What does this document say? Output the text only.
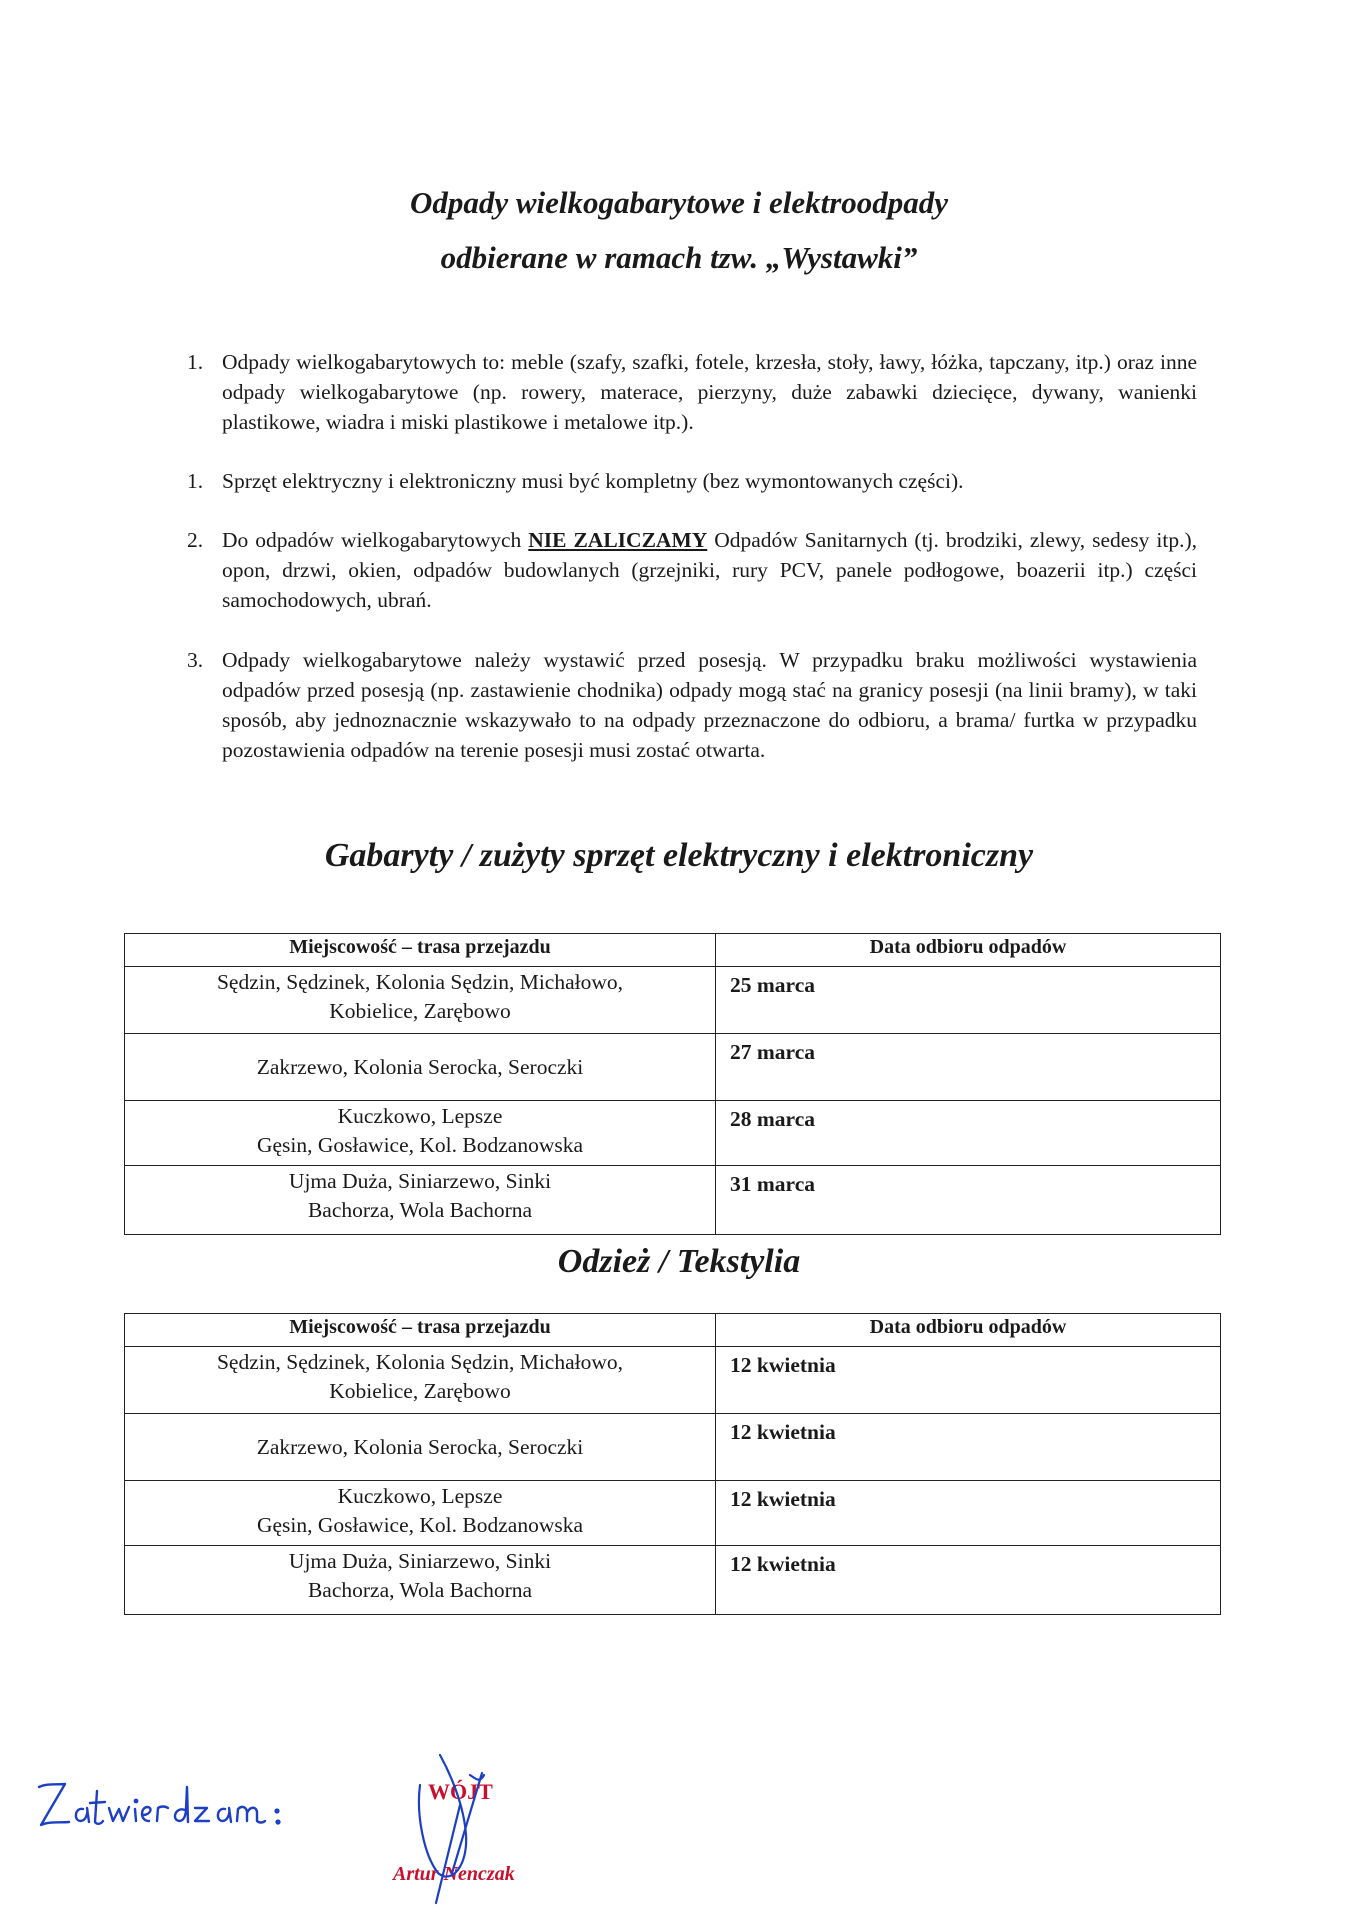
Odpady wielkogabarytowe i elektroodpady
odbierane w ramach tzw. „Wystawki”
1. Odpady wielkogabarytowych to: meble (szafy, szafki, fotele, krzesła, stoły, ławy, łóżka, tapczany, itp.) oraz inne odpady wielkogabarytowe (np. rowery, materace, pierzyny, duże zabawki dziecięce, dywany, wanienki plastikowe, wiadra i miski plastikowe i metalowe itp.).
1. Sprzęt elektryczny i elektroniczny musi być kompletny (bez wymontowanych części).
2. Do odpadów wielkogabarytowych NIE ZALICZAMY Odpadów Sanitarnych (tj. brodziki, zlewy, sedesy itp.), opon, drzwi, okien, odpadów budowlanych (grzejniki, rury PCV, panele podłogowe, boazerii itp.) części samochodowych, ubrań.
3. Odpady wielkogabarytowe należy wystawić przed posesją. W przypadku braku możliwości wystawienia odpadów przed posesją (np. zastawienie chodnika) odpady mogą stać na granicy posesji (na linii bramy), w taki sposób, aby jednoznacznie wskazywało to na odpady przeznaczone do odbioru, a brama/ furtka w przypadku pozostawienia odpadów na terenie posesji musi zostać otwarta.
Gabaryty / zużyty sprzęt elektryczny i elektroniczny
Miejscowość – trasa przejazdu	Data odbioru odpadów

Sędzin, Sędzinek, Kolonia Sędzin, Michałowo,
Kobielice, Zarębowo	25 marca

Zakrzewo, Kolonia Serocka, Seroczki	27 marca

Kuczkowo, Lepsze
Gęsin, Gosławice, Kol. Bodzanowska	28 marca

Ujma Duża, Siniarzewo, Sinki
Bachorza, Wola Bachorna	31 marca
Odzież / Tekstylia
Miejscowość – trasa przejazdu	Data odbioru odpadów

Sędzin, Sędzinek, Kolonia Sędzin, Michałowo,
Kobielice, Zarębowo	12 kwietnia

Zakrzewo, Kolonia Serocka, Seroczki	12 kwietnia

Kuczkowo, Lepsze
Gęsin, Gosławice, Kol. Bodzanowska	12 kwietnia

Ujma Duża, Siniarzewo, Sinki
Bachorza, Wola Bachorna	12 kwietnia
WÓJT
Artur Nenczak
